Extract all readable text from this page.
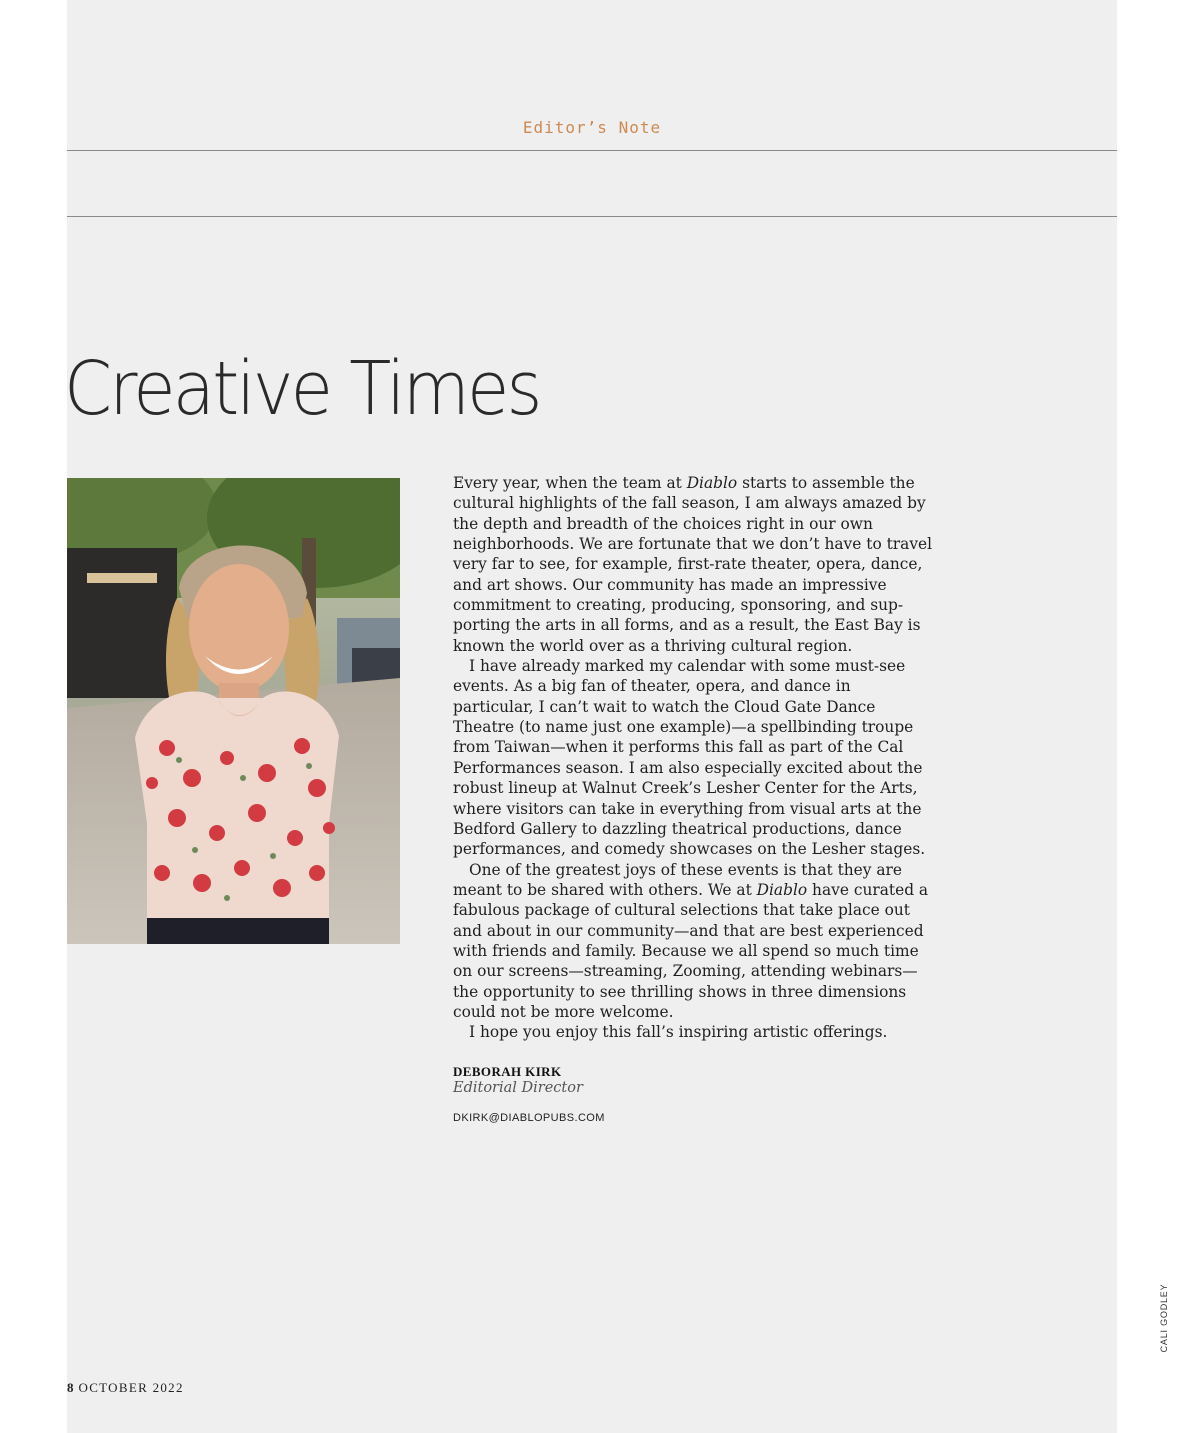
Editor’s Note
Creative Times

Every year, when the team at Diablo starts to assemble the cultural highlights of the fall season, I am always amazed by the depth and breadth of the choices right in our own neighborhoods. We are fortunate that we don’t have to travel very far to see, for example, first-rate theater, opera, dance, and art shows. Our community has made an impressive commitment to creating, producing, sponsoring, and sup-porting the arts in all forms, and as a result, the East Bay is known the world over as a thriving cultural region.

I have already marked my calendar with some must-see events. As a big fan of theater, opera, and dance in particular, I can’t wait to watch the Cloud Gate Dance Theatre (to name just one example)—a spellbinding troupe from Taiwan—when it performs this fall as part of the Cal Performances season. I am also especially excited about the robust lineup at Walnut Creek’s Lesher Center for the Arts, where visitors can take in everything from visual arts at the Bedford Gallery to dazzling theatrical productions, dance performances, and comedy showcases on the Lesher stages.

One of the greatest joys of these events is that they are meant to be shared with others. We at Diablo have curated a fabulous package of cultural selections that take place out and about in our community—and that are best experienced with friends and family. Because we all spend so much time on our screens—streaming, Zooming, attending webinars—the opportunity to see thrilling shows in three dimensions could not be more welcome.

I hope you enjoy this fall’s inspiring artistic offerings.

DEBORAH KIRK
Editorial Director
DKIRK@DIABLOPUBS.COM
CALI GODLEY
8 OCTOBER 2022
